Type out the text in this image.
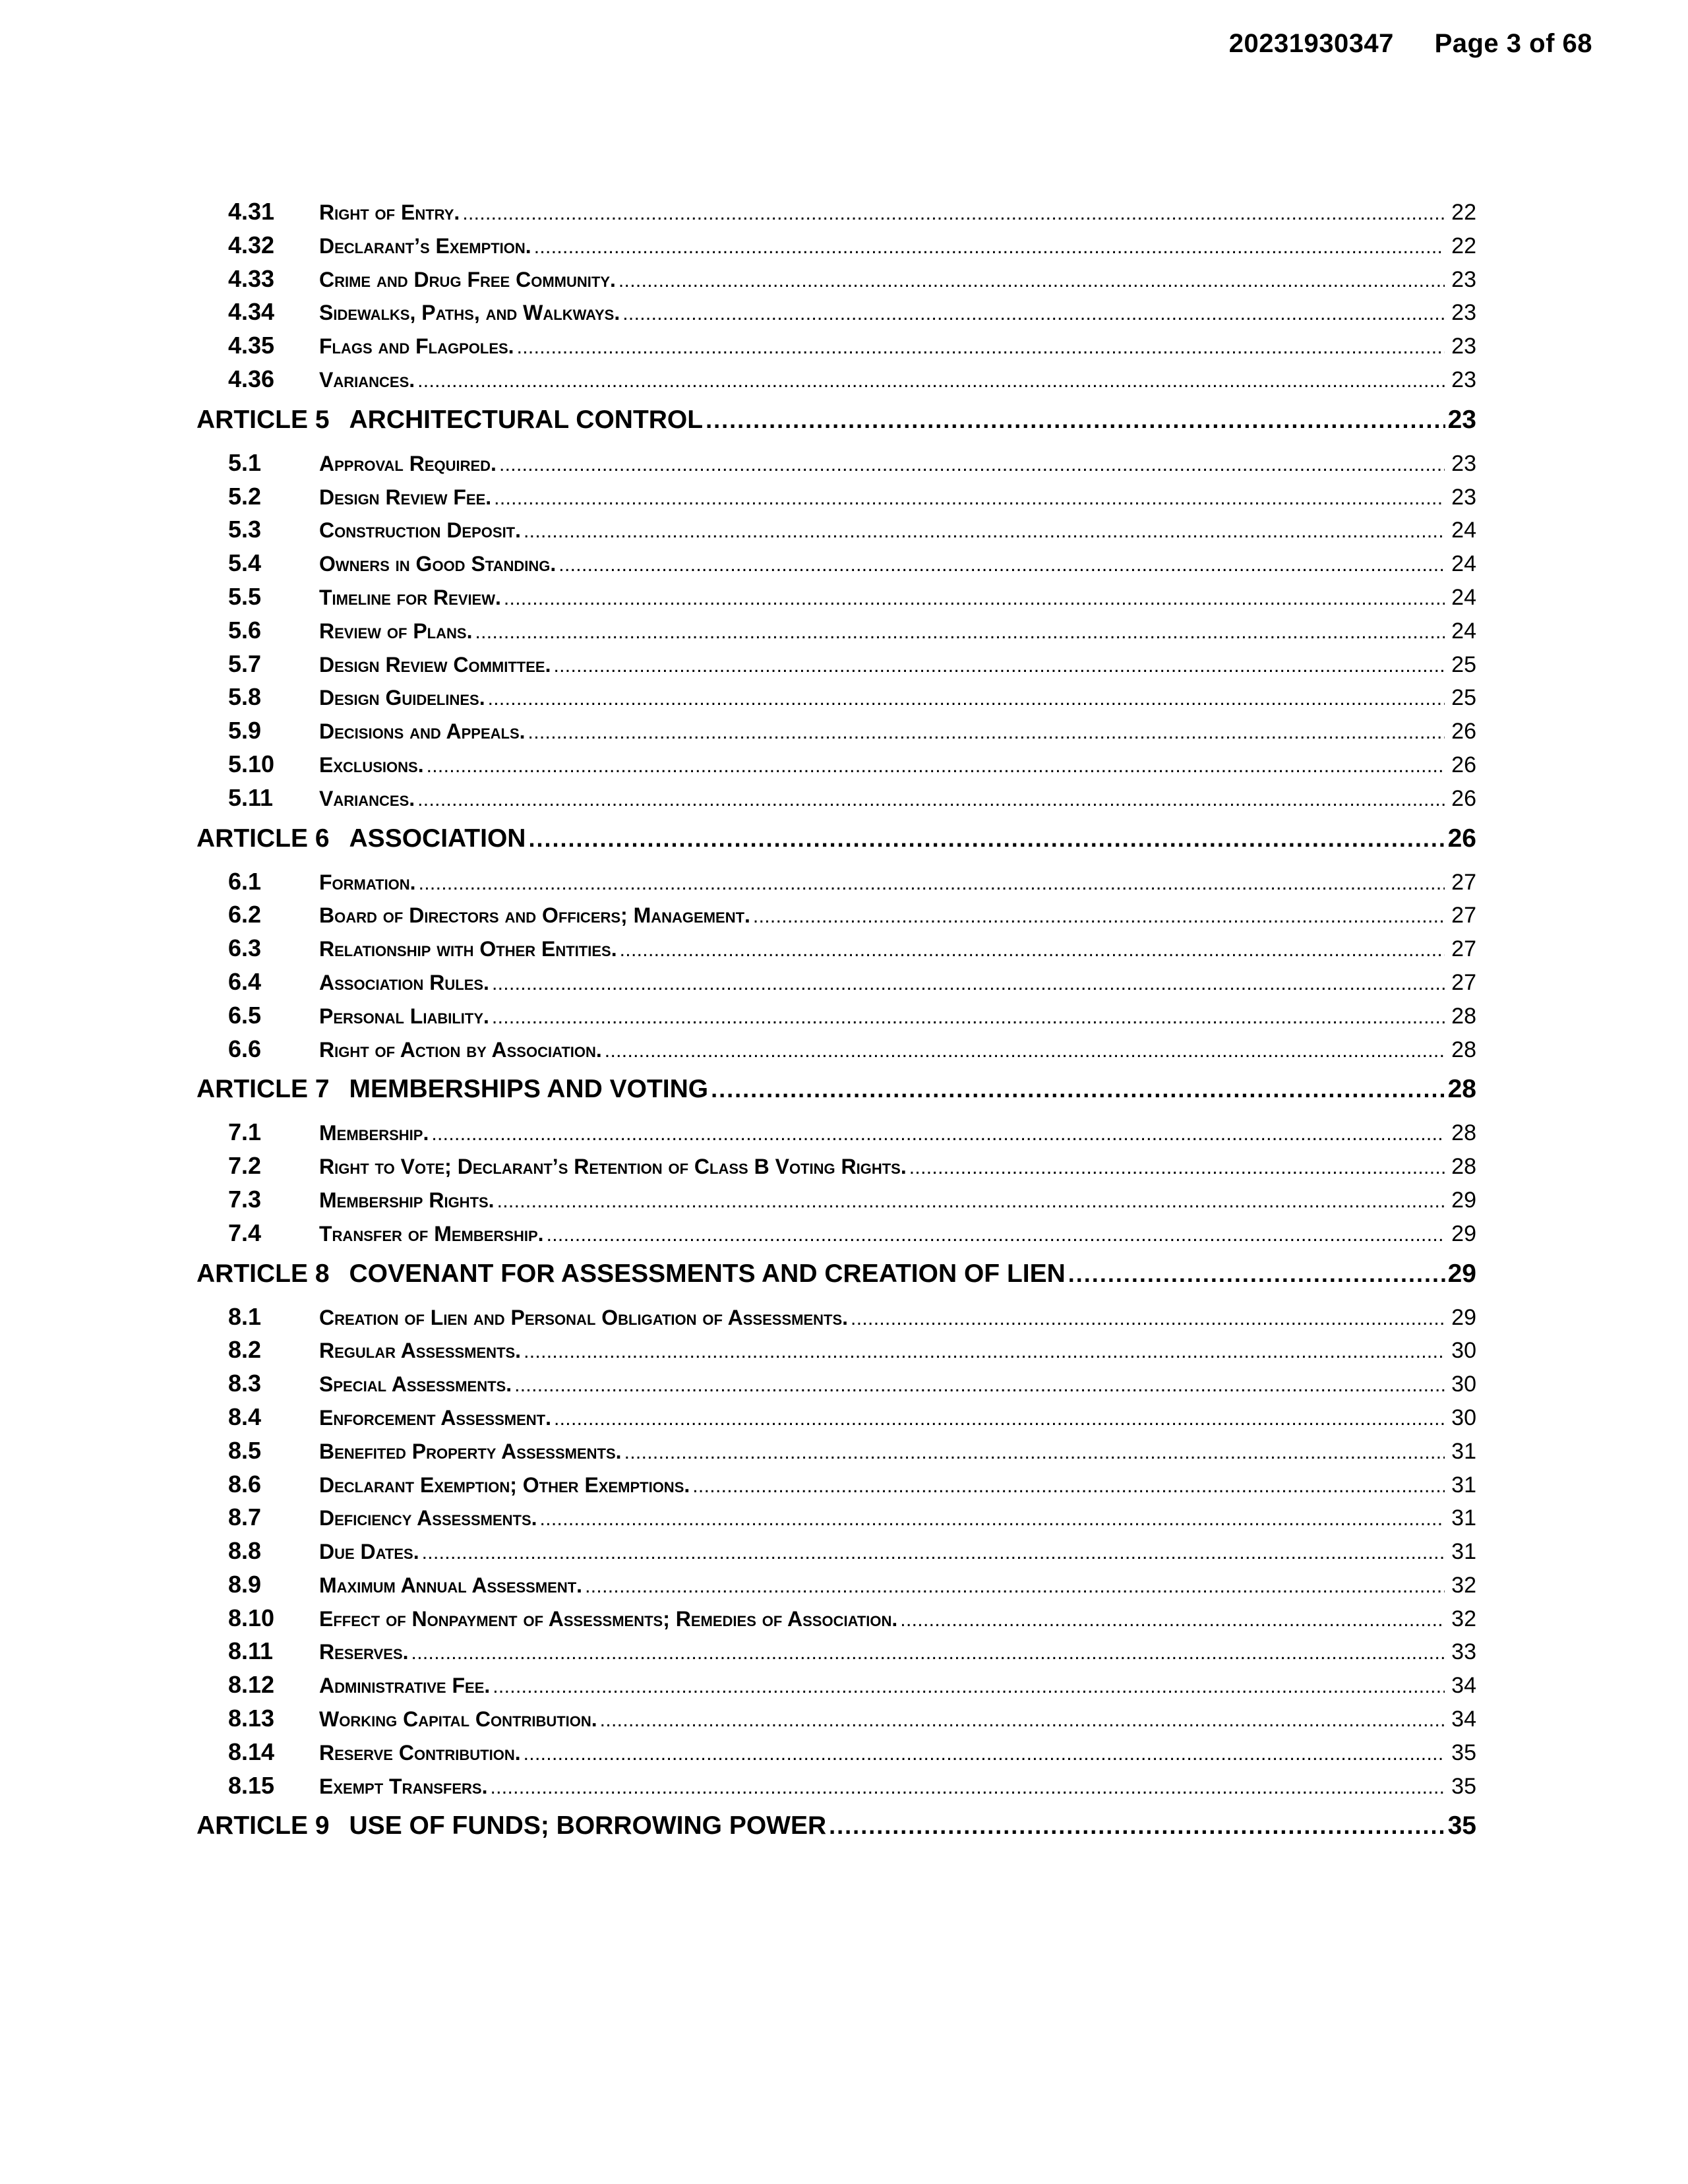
20231930347 Page 3 of 68
4.31	Right of Entry. . . .	22
4.32	Declarant’s Exemption. . . .	22
4.33	Crime and Drug Free Community. . . .	23
4.34	Sidewalks, Paths, and Walkways. . . .	23
4.35	Flags and Flagpoles. . . .	23
4.36	Variances. . . .	23
ARTICLE 5 ARCHITECTURAL CONTROL . . .	23
5.1	Approval Required. . . .	23
5.2	Design Review Fee. . . .	23
5.3	Construction Deposit. . . .	24
5.4	Owners in Good Standing. . . .	24
5.5	Timeline for Review. . . .	24
5.6	Review of Plans. . . .	24
5.7	Design Review Committee. . . .	25
5.8	Design Guidelines. . . .	25
5.9	Decisions and Appeals. . . .	26
5.10	Exclusions. . . .	26
5.11	Variances. . . .	26
ARTICLE 6 ASSOCIATION . . .	26
6.1	Formation. . . .	27
6.2	Board of Directors and Officers; Management. . . .	27
6.3	Relationship with Other Entities. . . .	27
6.4	Association Rules. . . .	27
6.5	Personal Liability. . . .	28
6.6	Right of Action by Association. . . .	28
ARTICLE 7 MEMBERSHIPS AND VOTING . . .	28
7.1	Membership. . . .	28
7.2	Right to Vote; Declarant’s Retention of Class B Voting Rights. . . .	28
7.3	Membership Rights. . . .	29
7.4	Transfer of Membership. . . .	29
ARTICLE 8 COVENANT FOR ASSESSMENTS AND CREATION OF LIEN . . .	29
8.1	Creation of Lien and Personal Obligation of Assessments. . . .	29
8.2	Regular Assessments. . . .	30
8.3	Special Assessments. . . .	30
8.4	Enforcement Assessment. . . .	30
8.5	Benefited Property Assessments. . . .	31
8.6	Declarant Exemption; Other Exemptions. . . .	31
8.7	Deficiency Assessments. . . .	31
8.8	Due Dates. . . .	31
8.9	Maximum Annual Assessment. . . .	32
8.10	Effect of Nonpayment of Assessments; Remedies of Association. . . .	32
8.11	Reserves. . . .	33
8.12	Administrative Fee. . . .	34
8.13	Working Capital Contribution. . . .	34
8.14	Reserve Contribution. . . .	35
8.15	Exempt Transfers. . . .	35
ARTICLE 9 USE OF FUNDS; BORROWING POWER . . .	35
